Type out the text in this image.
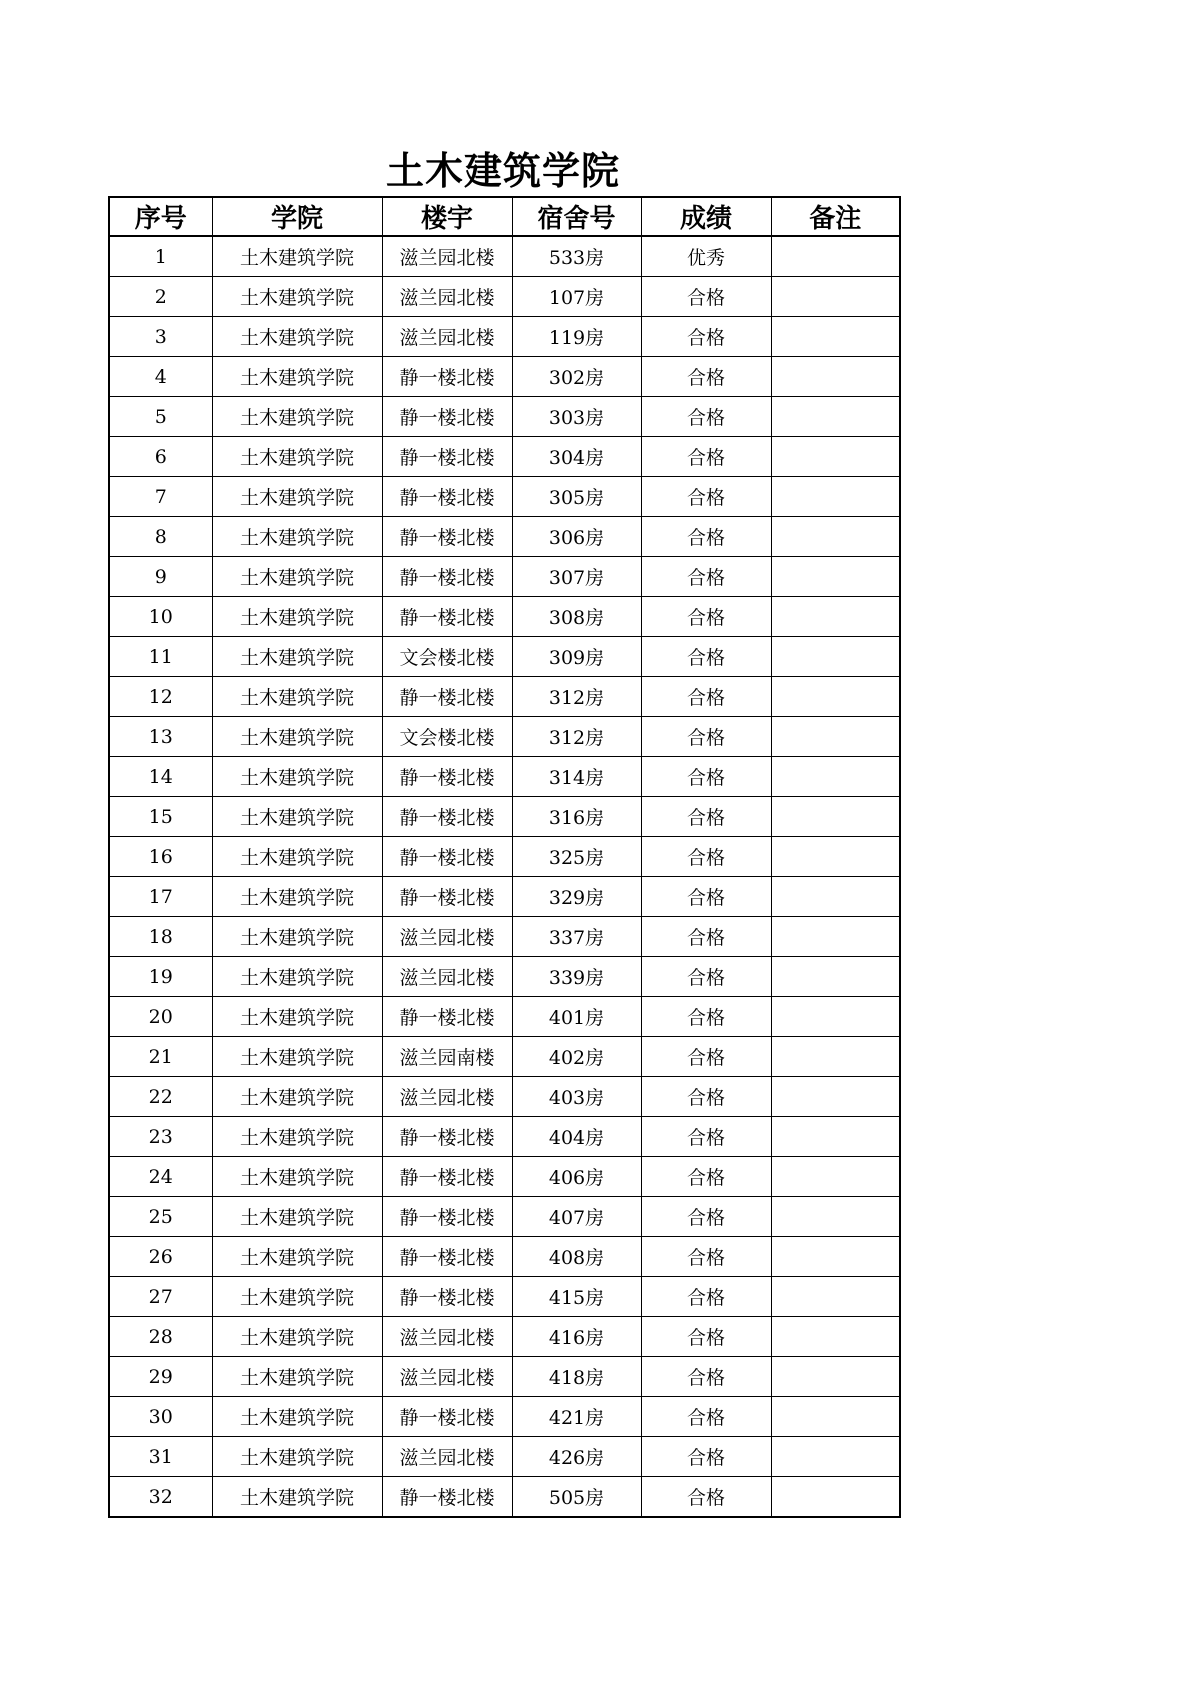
土木建筑学院
序号	学院	楼宇	宿舍号	成绩	备注
1	土木建筑学院	滋兰园北楼	533房	优秀	
2	土木建筑学院	滋兰园北楼	107房	合格	
3	土木建筑学院	滋兰园北楼	119房	合格	
4	土木建筑学院	静一楼北楼	302房	合格	
5	土木建筑学院	静一楼北楼	303房	合格	
6	土木建筑学院	静一楼北楼	304房	合格	
7	土木建筑学院	静一楼北楼	305房	合格	
8	土木建筑学院	静一楼北楼	306房	合格	
9	土木建筑学院	静一楼北楼	307房	合格	
10	土木建筑学院	静一楼北楼	308房	合格	
11	土木建筑学院	文会楼北楼	309房	合格	
12	土木建筑学院	静一楼北楼	312房	合格	
13	土木建筑学院	文会楼北楼	312房	合格	
14	土木建筑学院	静一楼北楼	314房	合格	
15	土木建筑学院	静一楼北楼	316房	合格	
16	土木建筑学院	静一楼北楼	325房	合格	
17	土木建筑学院	静一楼北楼	329房	合格	
18	土木建筑学院	滋兰园北楼	337房	合格	
19	土木建筑学院	滋兰园北楼	339房	合格	
20	土木建筑学院	静一楼北楼	401房	合格	
21	土木建筑学院	滋兰园南楼	402房	合格	
22	土木建筑学院	滋兰园北楼	403房	合格	
23	土木建筑学院	静一楼北楼	404房	合格	
24	土木建筑学院	静一楼北楼	406房	合格	
25	土木建筑学院	静一楼北楼	407房	合格	
26	土木建筑学院	静一楼北楼	408房	合格	
27	土木建筑学院	静一楼北楼	415房	合格	
28	土木建筑学院	滋兰园北楼	416房	合格	
29	土木建筑学院	滋兰园北楼	418房	合格	
30	土木建筑学院	静一楼北楼	421房	合格	
31	土木建筑学院	滋兰园北楼	426房	合格	
32	土木建筑学院	静一楼北楼	505房	合格	
